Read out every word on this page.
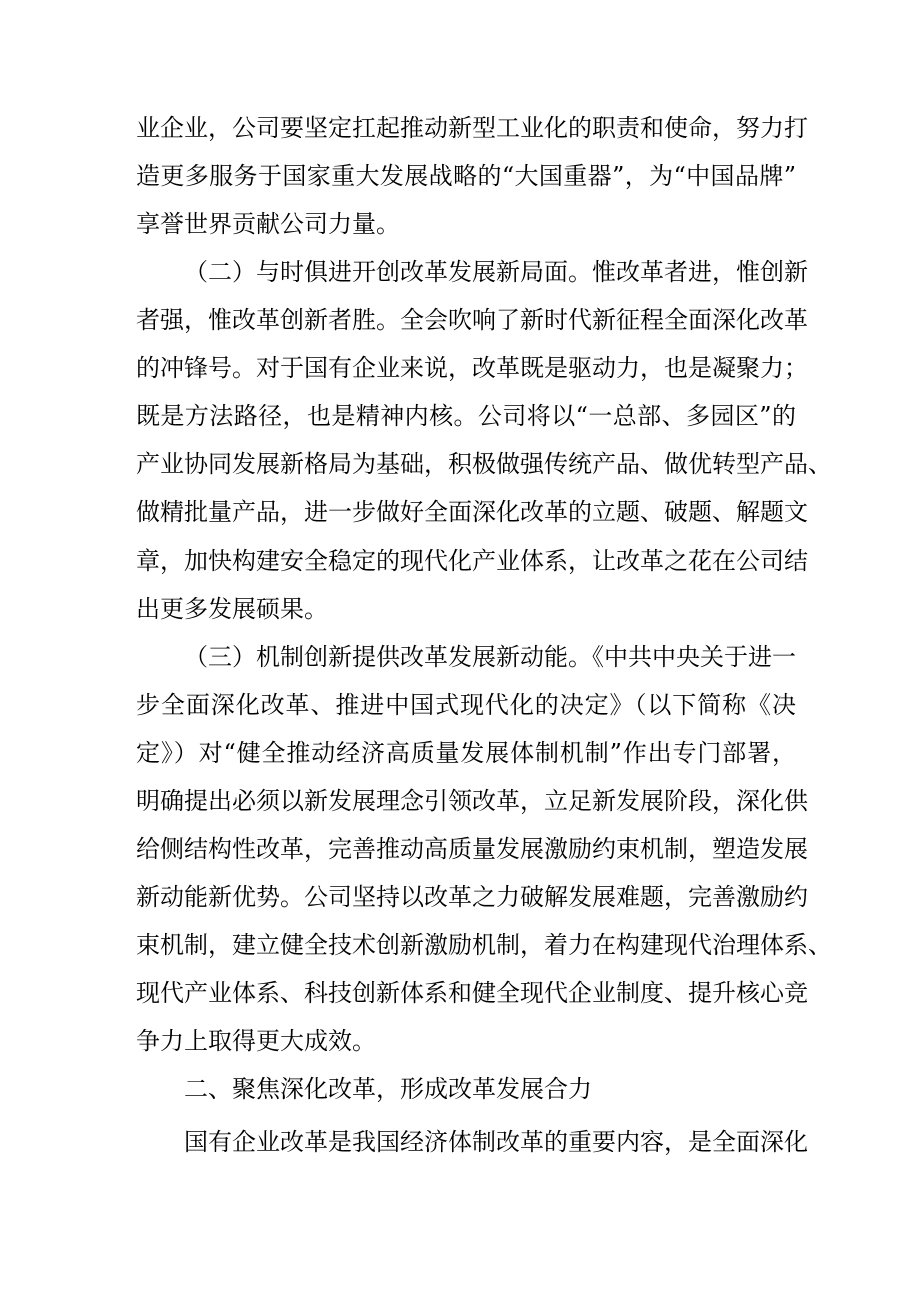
业企业，公司要坚定扛起推动新型工业化的职责和使命，努力打
造更多服务于国家重大发展战略的“大国重器”，为“中国品牌”
享誉世界贡献公司力量。
（二）与时俱进开创改革发展新局面。惟改革者进，惟创新
者强，惟改革创新者胜。全会吹响了新时代新征程全面深化改革
的冲锋号。对于国有企业来说，改革既是驱动力，也是凝聚力；
既是方法路径，也是精神内核。公司将以“一总部、多园区”的
产业协同发展新格局为基础，积极做强传统产品、做优转型产品、
做精批量产品，进一步做好全面深化改革的立题、破题、解题文
章，加快构建安全稳定的现代化产业体系，让改革之花在公司结
出更多发展硕果。
（三）机制创新提供改革发展新动能。《中共中央关于进一
步全面深化改革、推进中国式现代化的决定》（以下简称《决
定》）对“健全推动经济高质量发展体制机制”作出专门部署，
明确提出必须以新发展理念引领改革，立足新发展阶段，深化供
给侧结构性改革，完善推动高质量发展激励约束机制，塑造发展
新动能新优势。公司坚持以改革之力破解发展难题，完善激励约
束机制，建立健全技术创新激励机制，着力在构建现代治理体系、
现代产业体系、科技创新体系和健全现代企业制度、提升核心竞
争力上取得更大成效。
二、聚焦深化改革，形成改革发展合力
国有企业改革是我国经济体制改革的重要内容，是全面深化
